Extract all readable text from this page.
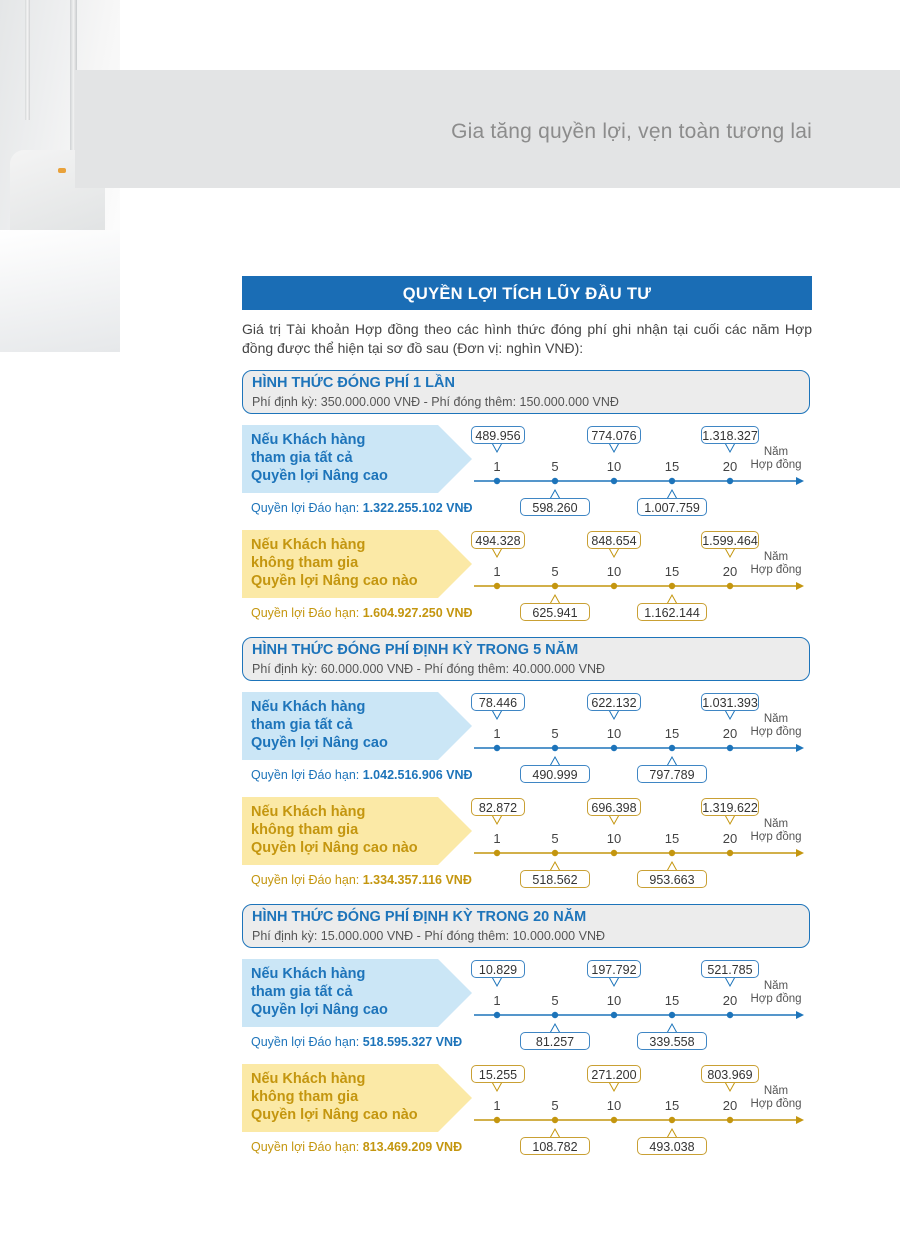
Gia tăng quyền lợi, vẹn toàn tương lai
QUYỀN LỢI TÍCH LŨY ĐẦU TƯ
Giá trị Tài khoản Hợp đồng theo các hình thức đóng phí ghi nhận tại cuối các năm Hợp đồng được thể hiện tại sơ đồ sau (Đơn vị: nghìn VNĐ):
HÌNH THỨC ĐÓNG PHÍ 1 LẦN
Phí định kỳ: 350.000.000 VNĐ - Phí đóng thêm: 150.000.000 VNĐ
Nếu Khách hàng
tham gia tất cả
Quyền lợi Nâng cao
Quyền lợi Đáo hạn: 1.322.255.102 VNĐ
1	5	10	15	20
Năm
Hợp đồng
489.956
598.260
774.076
1.007.759
1.318.327
Nếu Khách hàng
không tham gia
Quyền lợi Nâng cao nào
Quyền lợi Đáo hạn: 1.604.927.250 VNĐ
1	5	10	15	20
Năm
Hợp đồng
494.328
625.941
848.654
1.162.144
1.599.464
HÌNH THỨC ĐÓNG PHÍ ĐỊNH KỲ TRONG 5 NĂM
Phí định kỳ: 60.000.000 VNĐ - Phí đóng thêm: 40.000.000 VNĐ
Nếu Khách hàng
tham gia tất cả
Quyền lợi Nâng cao
Quyền lợi Đáo hạn: 1.042.516.906 VNĐ
1	5	10	15	20
Năm
Hợp đồng
78.446
490.999
622.132
797.789
1.031.393
Nếu Khách hàng
không tham gia
Quyền lợi Nâng cao nào
Quyền lợi Đáo hạn: 1.334.357.116 VNĐ
1	5	10	15	20
Năm
Hợp đồng
82.872
518.562
696.398
953.663
1.319.622
HÌNH THỨC ĐÓNG PHÍ ĐỊNH KỲ TRONG 20 NĂM
Phí định kỳ: 15.000.000 VNĐ - Phí đóng thêm: 10.000.000 VNĐ
Nếu Khách hàng
tham gia tất cả
Quyền lợi Nâng cao
Quyền lợi Đáo hạn: 518.595.327 VNĐ
1	5	10	15	20
Năm
Hợp đồng
10.829
81.257
197.792
339.558
521.785
Nếu Khách hàng
không tham gia
Quyền lợi Nâng cao nào
Quyền lợi Đáo hạn: 813.469.209 VNĐ
1	5	10	15	20
Năm
Hợp đồng
15.255
108.782
271.200
493.038
803.969
